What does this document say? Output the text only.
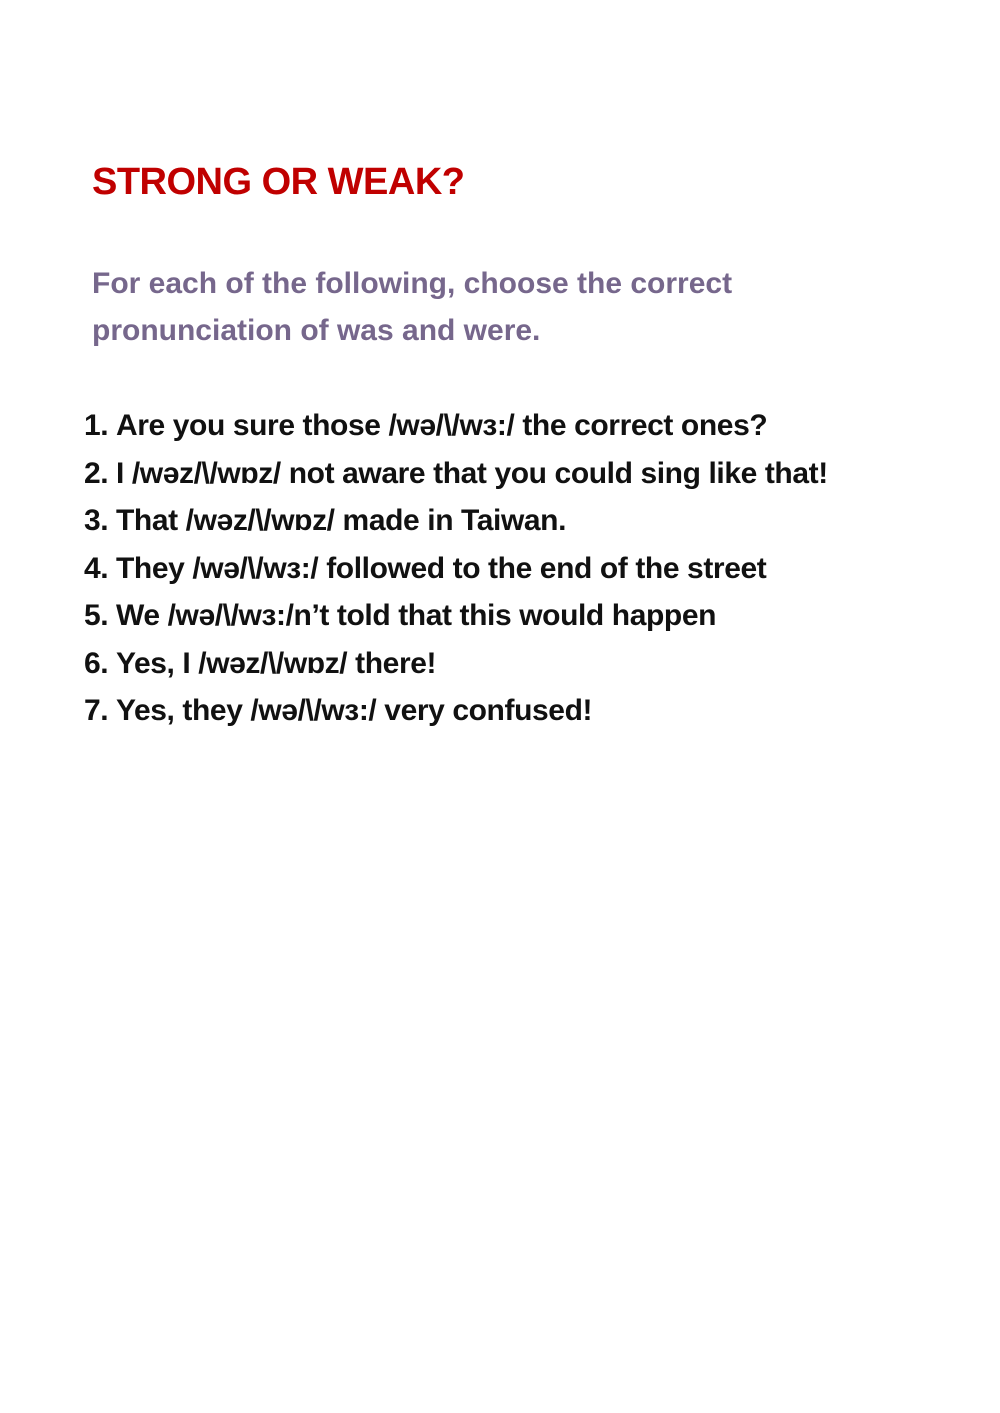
STRONG OR WEAK?

For each of the following, choose the correct pronunciation of was and were.

1. Are you sure those /wə/\/wɜ:/ the correct ones?
2. I /wəz/\/wɒz/ not aware that you could sing like that!
3. That /wəz/\/wɒz/ made in Taiwan.
4. They /wə/\/wɜ:/ followed to the end of the street
5. We /wə/\/wɜ:/n’t told that this would happen
6. Yes, I /wəz/\/wɒz/ there!
7. Yes, they /wə/\/wɜ:/ very confused!
